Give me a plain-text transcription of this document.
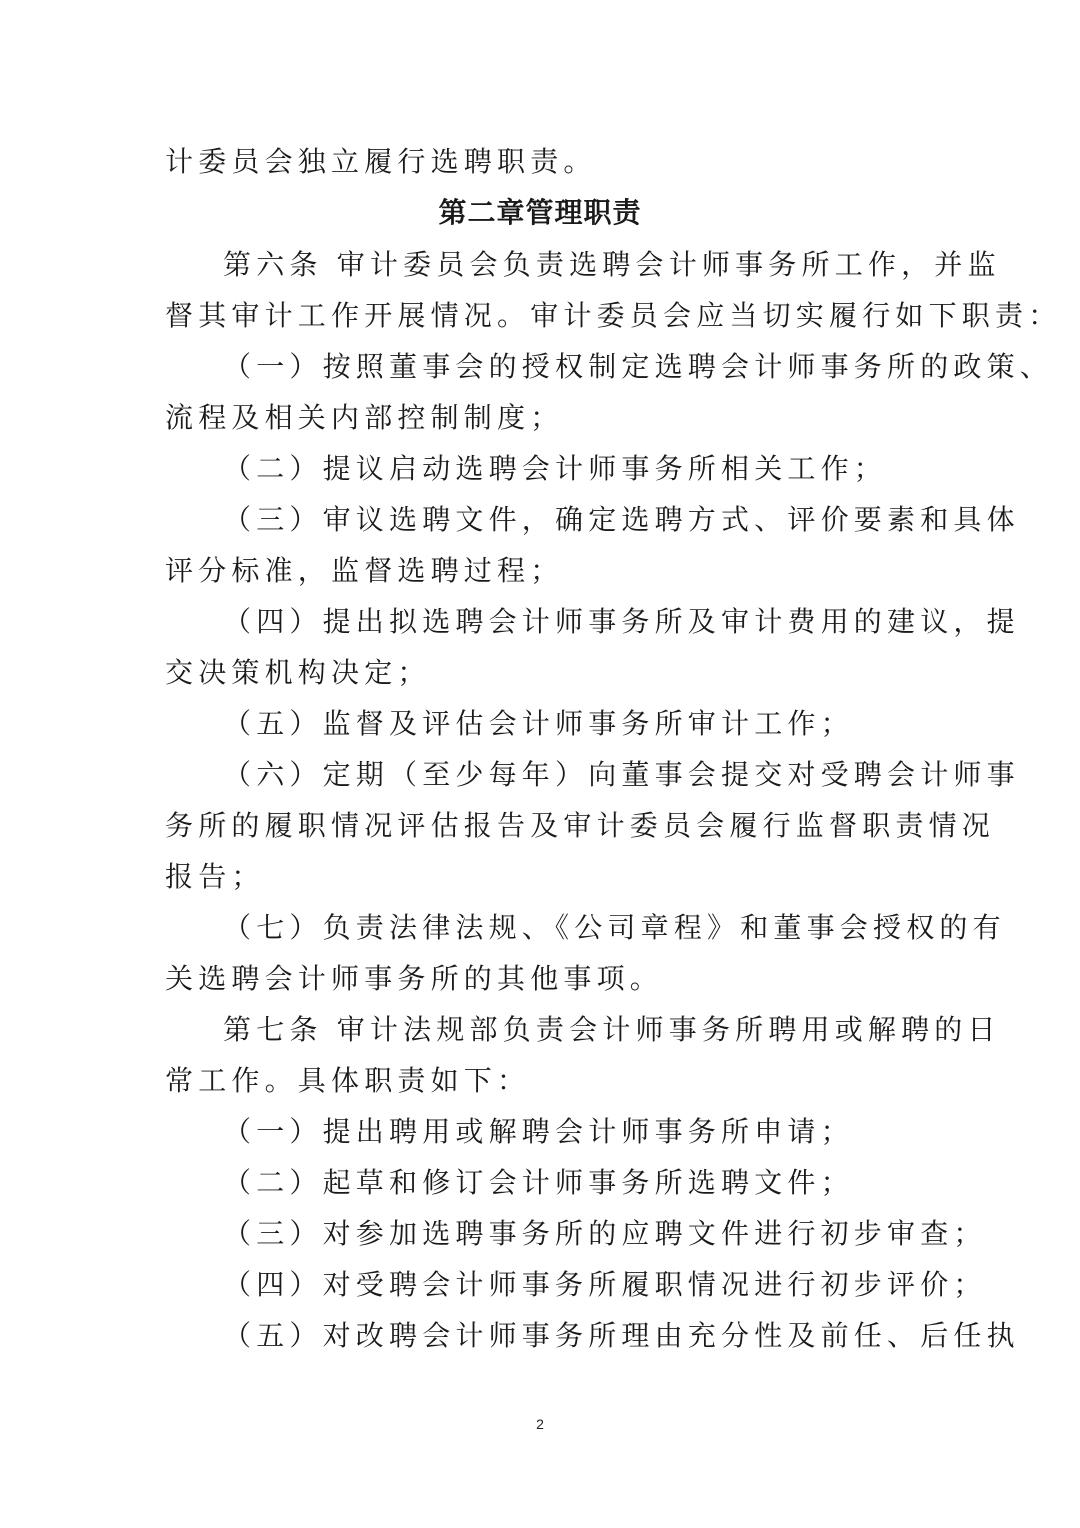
计委员会独立履行选聘职责。
第二章管理职责
第六条 审计委员会负责选聘会计师事务所工作，并监
督其审计工作开展情况。审计委员会应当切实履行如下职责：
（一）按照董事会的授权制定选聘会计师事务所的政策、
流程及相关内部控制制度；
（二）提议启动选聘会计师事务所相关工作；
（三）审议选聘文件，确定选聘方式、评价要素和具体
评分标准，监督选聘过程；
（四）提出拟选聘会计师事务所及审计费用的建议，提
交决策机构决定；
（五）监督及评估会计师事务所审计工作；
（六）定期（至少每年）向董事会提交对受聘会计师事
务所的履职情况评估报告及审计委员会履行监督职责情况
报告；
（七）负责法律法规、《公司章程》和董事会授权的有
关选聘会计师事务所的其他事项。
第七条 审计法规部负责会计师事务所聘用或解聘的日
常工作。具体职责如下：
（一）提出聘用或解聘会计师事务所申请；
（二）起草和修订会计师事务所选聘文件；
（三）对参加选聘事务所的应聘文件进行初步审查；
（四）对受聘会计师事务所履职情况进行初步评价；
（五）对改聘会计师事务所理由充分性及前任、后任执
2
